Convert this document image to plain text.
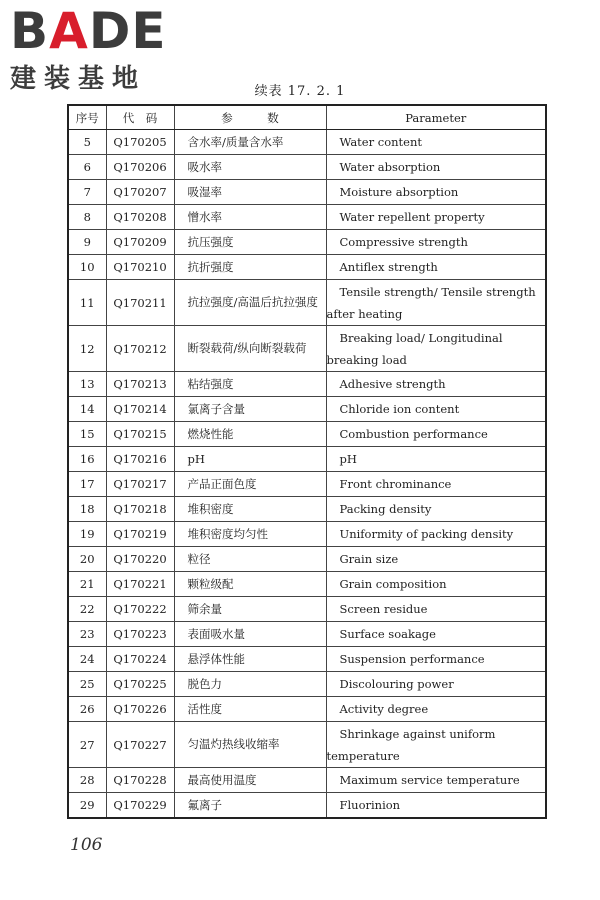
BADE
建装基地	续表 17. 2. 1
序号	代　码	参　　　数	Parameter
5	Q170205	含水率/质量含水率	Water content
6	Q170206	吸水率	Water absorption
7	Q170207	吸湿率	Moisture absorption
8	Q170208	憎水率	Water repellent property
9	Q170209	抗压强度	Compressive strength
10	Q170210	抗折强度	Antiflex strength
11	Q170211	抗拉强度/高温后抗拉强度	Tensile strength/ Tensile strength after heating
12	Q170212	断裂载荷/纵向断裂载荷	Breaking load/ Longitudinal breaking load
13	Q170213	粘结强度	Adhesive strength
14	Q170214	氯离子含量	Chloride ion content
15	Q170215	燃烧性能	Combustion performance
16	Q170216	pH	pH
17	Q170217	产品正面色度	Front chrominance
18	Q170218	堆积密度	Packing density
19	Q170219	堆积密度均匀性	Uniformity of packing density
20	Q170220	粒径	Grain size
21	Q170221	颗粒级配	Grain composition
22	Q170222	筛余量	Screen residue
23	Q170223	表面吸水量	Surface soakage
24	Q170224	悬浮体性能	Suspension performance
25	Q170225	脱色力	Discolouring power
26	Q170226	活性度	Activity degree
27	Q170227	匀温灼热线收缩率	Shrinkage against uniform temperature
28	Q170228	最高使用温度	Maximum service temperature
29	Q170229	氟离子	Fluorinion
106
